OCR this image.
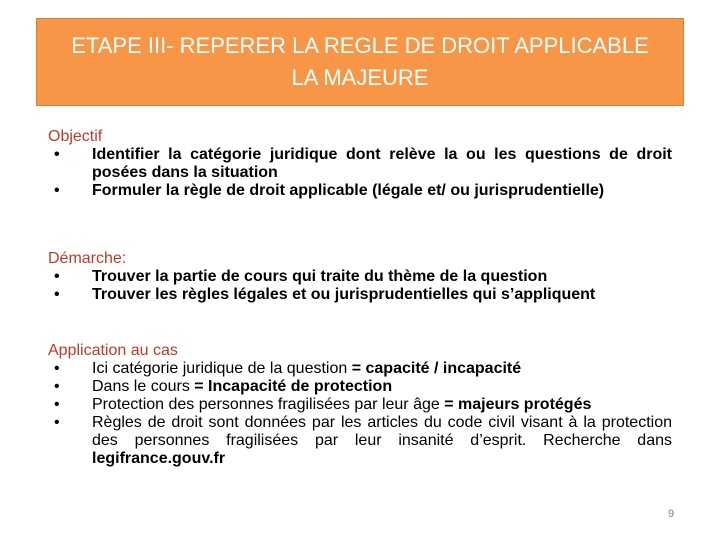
ETAPE III- REPERER LA REGLE DE DROIT APPLICABLE
LA MAJEURE
Objectif
• Identifier la catégorie juridique dont relève la ou les questions de droit posées dans la situation
• Formuler la règle de droit applicable (légale et/ ou jurisprudentielle)
Démarche:
• Trouver la partie de cours qui traite du thème de la question
• Trouver les règles légales et ou jurisprudentielles qui s’appliquent
Application au cas
• Ici catégorie juridique de la question = capacité / incapacité
• Dans le cours = Incapacité de protection
• Protection des personnes fragilisées par leur âge = majeurs protégés
• Règles de droit sont données par les articles du code civil visant à la protection des personnes fragilisées par leur insanité d’esprit. Recherche dans legifrance.gouv.fr
9
